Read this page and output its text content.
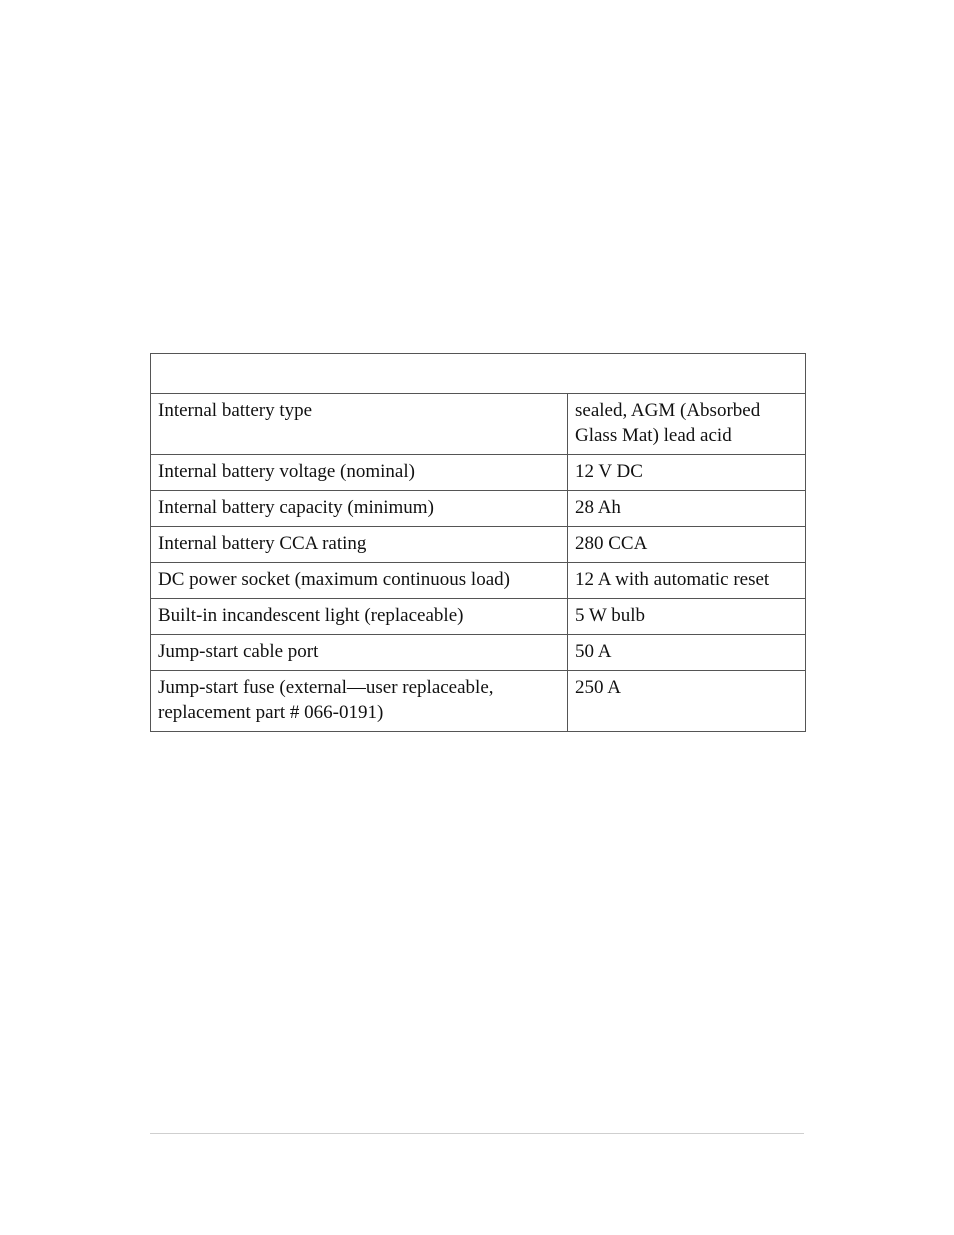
Internal battery type	sealed, AGM (Absorbed Glass Mat) lead acid
Internal battery voltage (nominal)	12 V DC
Internal battery capacity (minimum)	28 Ah
Internal battery CCA rating	280 CCA
DC power socket (maximum continuous load)	12 A with automatic reset
Built-in incandescent light (replaceable)	5 W bulb
Jump-start cable port	50 A
Jump-start fuse (external—user replaceable, replacement part # 066-0191)	250 A
